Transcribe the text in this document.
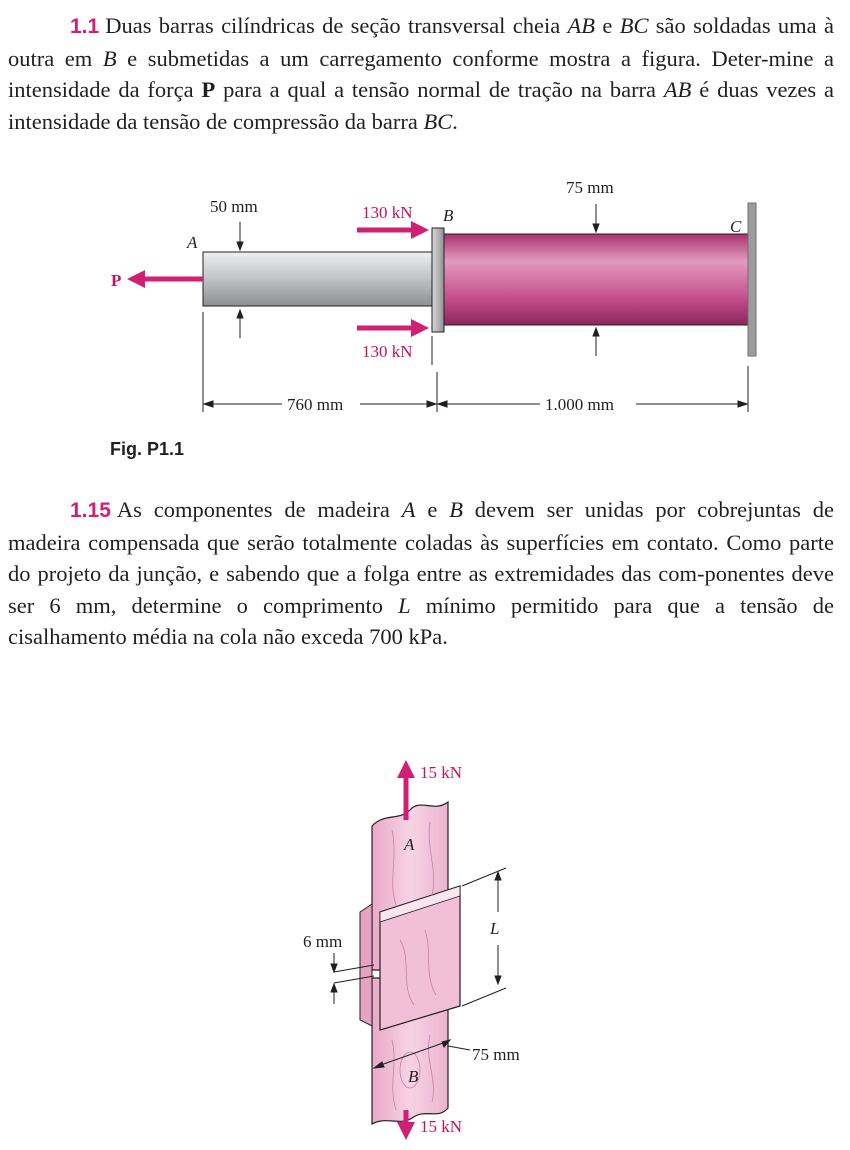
1.1 Duas barras cilíndricas de seção transversal cheia AB e BC são soldadas uma à outra em B e submetidas a um carregamento conforme mostra a figura. Deter-mine a intensidade da força P para a qual a tensão normal de tração na barra AB é duas vezes a intensidade da tensão de compressão da barra BC.
P
A
130 kN
130 kN
B
C
50 mm
75 mm
760 mm	1.000 mm
Fig. P1.1
1.15 As componentes de madeira A e B devem ser unidas por cobrejuntas de madeira compensada que serão totalmente coladas às superfícies em contato. Como parte do projeto da junção, e sabendo que a folga entre as extremidades das com-ponentes deve ser 6 mm, determine o comprimento L mínimo permitido para que a tensão de cisalhamento média na cola não exceda 700 kPa.
15 kN
15 kN
A
B
L
6 mm
75 mm
